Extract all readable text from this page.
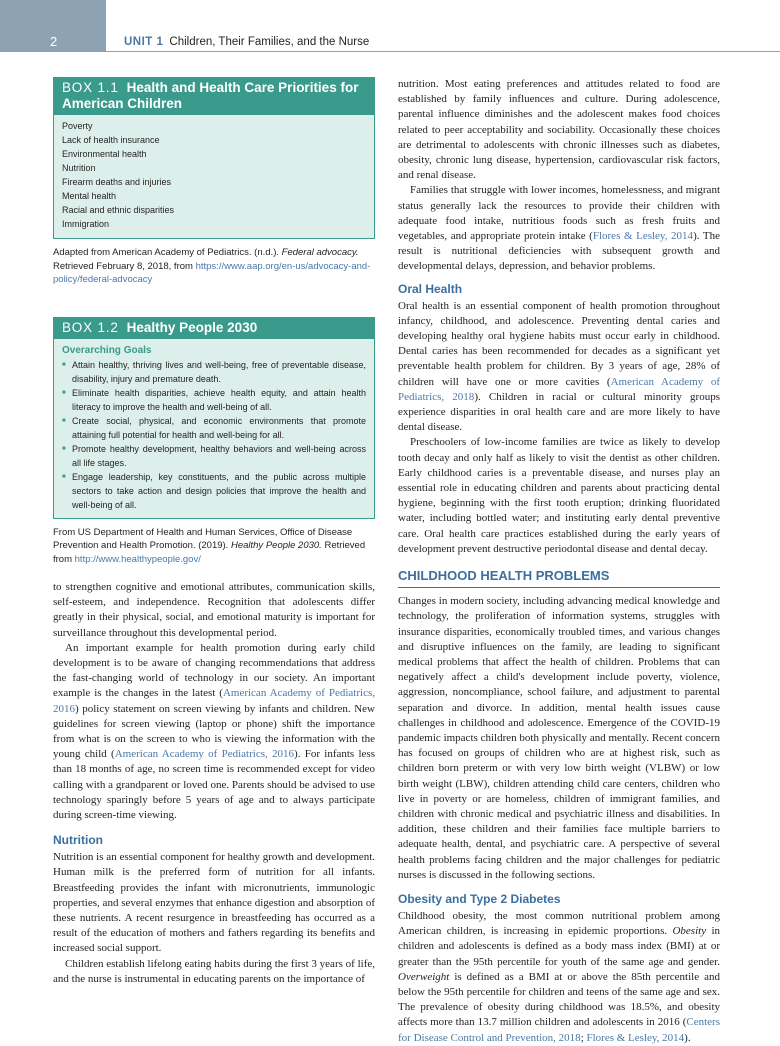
2	UNIT 1 Children, Their Families, and the Nurse
BOX 1.1 Health and Health Care Priorities for American Children
Poverty
Lack of health insurance
Environmental health
Nutrition
Firearm deaths and injuries
Mental health
Racial and ethnic disparities
Immigration

Adapted from American Academy of Pediatrics. (n.d.). Federal advocacy. Retrieved February 8, 2018, from https://www.aap.org/en-us/advocacy-and-policy/federal-advocacy

BOX 1.2 Healthy People 2030
Overarching Goals
■ Attain healthy, thriving lives and well-being, free of preventable disease, disability, injury and premature death.
■ Eliminate health disparities, achieve health equity, and attain health literacy to improve the health and well-being of all.
■ Create social, physical, and economic environments that promote attaining full potential for health and well-being for all.
■ Promote healthy development, healthy behaviors and well-being across all life stages.
■ Engage leadership, key constituents, and the public across multiple sectors to take action and design policies that improve the health and well-being of all.

From US Department of Health and Human Services, Office of Disease Prevention and Health Promotion. (2019). Healthy People 2030. Retrieved from http://www.healthypeople.gov/

to strengthen cognitive and emotional attributes, communication skills, self-esteem, and independence. Recognition that adolescents differ greatly in their physical, social, and emotional maturity is important for surveillance throughout this developmental period.

An important example for health promotion during early child development is to be aware of changing recommendations that address the fast-changing world of technology in our society. An important example is the changes in the latest (American Academy of Pediatrics, 2016) policy statement on screen viewing by infants and children. New guidelines for screen viewing (laptop or phone) shift the importance from what is on the screen to who is viewing the information with the young child (American Academy of Pediatrics, 2016). For infants less than 18 months of age, no screen time is recommended except for video calling with a grandparent or loved one. Parents should be advised to use technology sparingly before 5 years of age and to always participate during screen-time viewing.

Nutrition

Nutrition is an essential component for healthy growth and development. Human milk is the preferred form of nutrition for all infants. Breastfeeding provides the infant with micronutrients, immunologic properties, and several enzymes that enhance digestion and absorption of these nutrients. A recent resurgence in breastfeeding has occurred as a result of the education of mothers and fathers regarding its benefits and increased social support.

Children establish lifelong eating habits during the first 3 years of life, and the nurse is instrumental in educating parents on the importance of

nutrition. Most eating preferences and attitudes related to food are established by family influences and culture. During adolescence, parental influence diminishes and the adolescent makes food choices related to peer acceptability and sociability. Occasionally these choices are detrimental to adolescents with chronic illnesses such as diabetes, obesity, chronic lung disease, hypertension, cardiovascular risk factors, and renal disease.

Families that struggle with lower incomes, homelessness, and migrant status generally lack the resources to provide their children with adequate food intake, nutritious foods such as fresh fruits and vegetables, and appropriate protein intake (Flores & Lesley, 2014). The result is nutritional deficiencies with subsequent growth and developmental delays, depression, and behavior problems.

Oral Health

Oral health is an essential component of health promotion throughout infancy, childhood, and adolescence. Preventing dental caries and developing healthy oral hygiene habits must occur early in childhood. Dental caries has been recommended for decades as a significant yet preventable health problem for children. By 3 years of age, 28% of children will have one or more cavities (American Academy of Pediatrics, 2018). Children in racial or cultural minority groups experience disparities in oral health care and are more likely to have dental disease.

Preschoolers of low-income families are twice as likely to develop tooth decay and only half as likely to visit the dentist as other children. Early childhood caries is a preventable disease, and nurses play an essential role in educating children and parents about practicing dental hygiene, beginning with the first tooth eruption; drinking fluoridated water, including bottled water; and instituting early dental preventive care. Oral health care practices established during the early years of development prevent destructive periodontal disease and dental decay.

CHILDHOOD HEALTH PROBLEMS

Changes in modern society, including advancing medical knowledge and technology, the proliferation of information systems, struggles with insurance disparities, economically troubled times, and various changes and disruptive influences on the family, are leading to significant medical problems that affect the health of children. Problems that can negatively affect a child's development include poverty, violence, aggression, noncompliance, school failure, and adjustment to parental separation and divorce. In addition, mental health issues cause challenges in childhood and adolescence. Emergence of the COVID-19 pandemic impacts children both physically and mentally. Recent concern has focused on groups of children who are at highest risk, such as children born preterm or with very low birth weight (VLBW) or low birth weight (LBW), children attending child care centers, children who live in poverty or are homeless, children of immigrant families, and children with chronic medical and psychiatric illness and disabilities. In addition, these children and their families face multiple barriers to adequate health, dental, and psychiatric care. A perspective of several health problems facing children and the major challenges for pediatric nurses is discussed in the following sections.

Obesity and Type 2 Diabetes

Childhood obesity, the most common nutritional problem among American children, is increasing in epidemic proportions. Obesity in children and adolescents is defined as a body mass index (BMI) at or greater than the 95th percentile for youth of the same age and gender. Overweight is defined as a BMI at or above the 85th percentile and below the 95th percentile for children and teens of the same age and sex. The prevalence of obesity during childhood was 18.5%, and obesity affects more than 13.7 million children and adolescents in 2016 (Centers for Disease Control and Prevention, 2018; Flores & Lesley, 2014).
